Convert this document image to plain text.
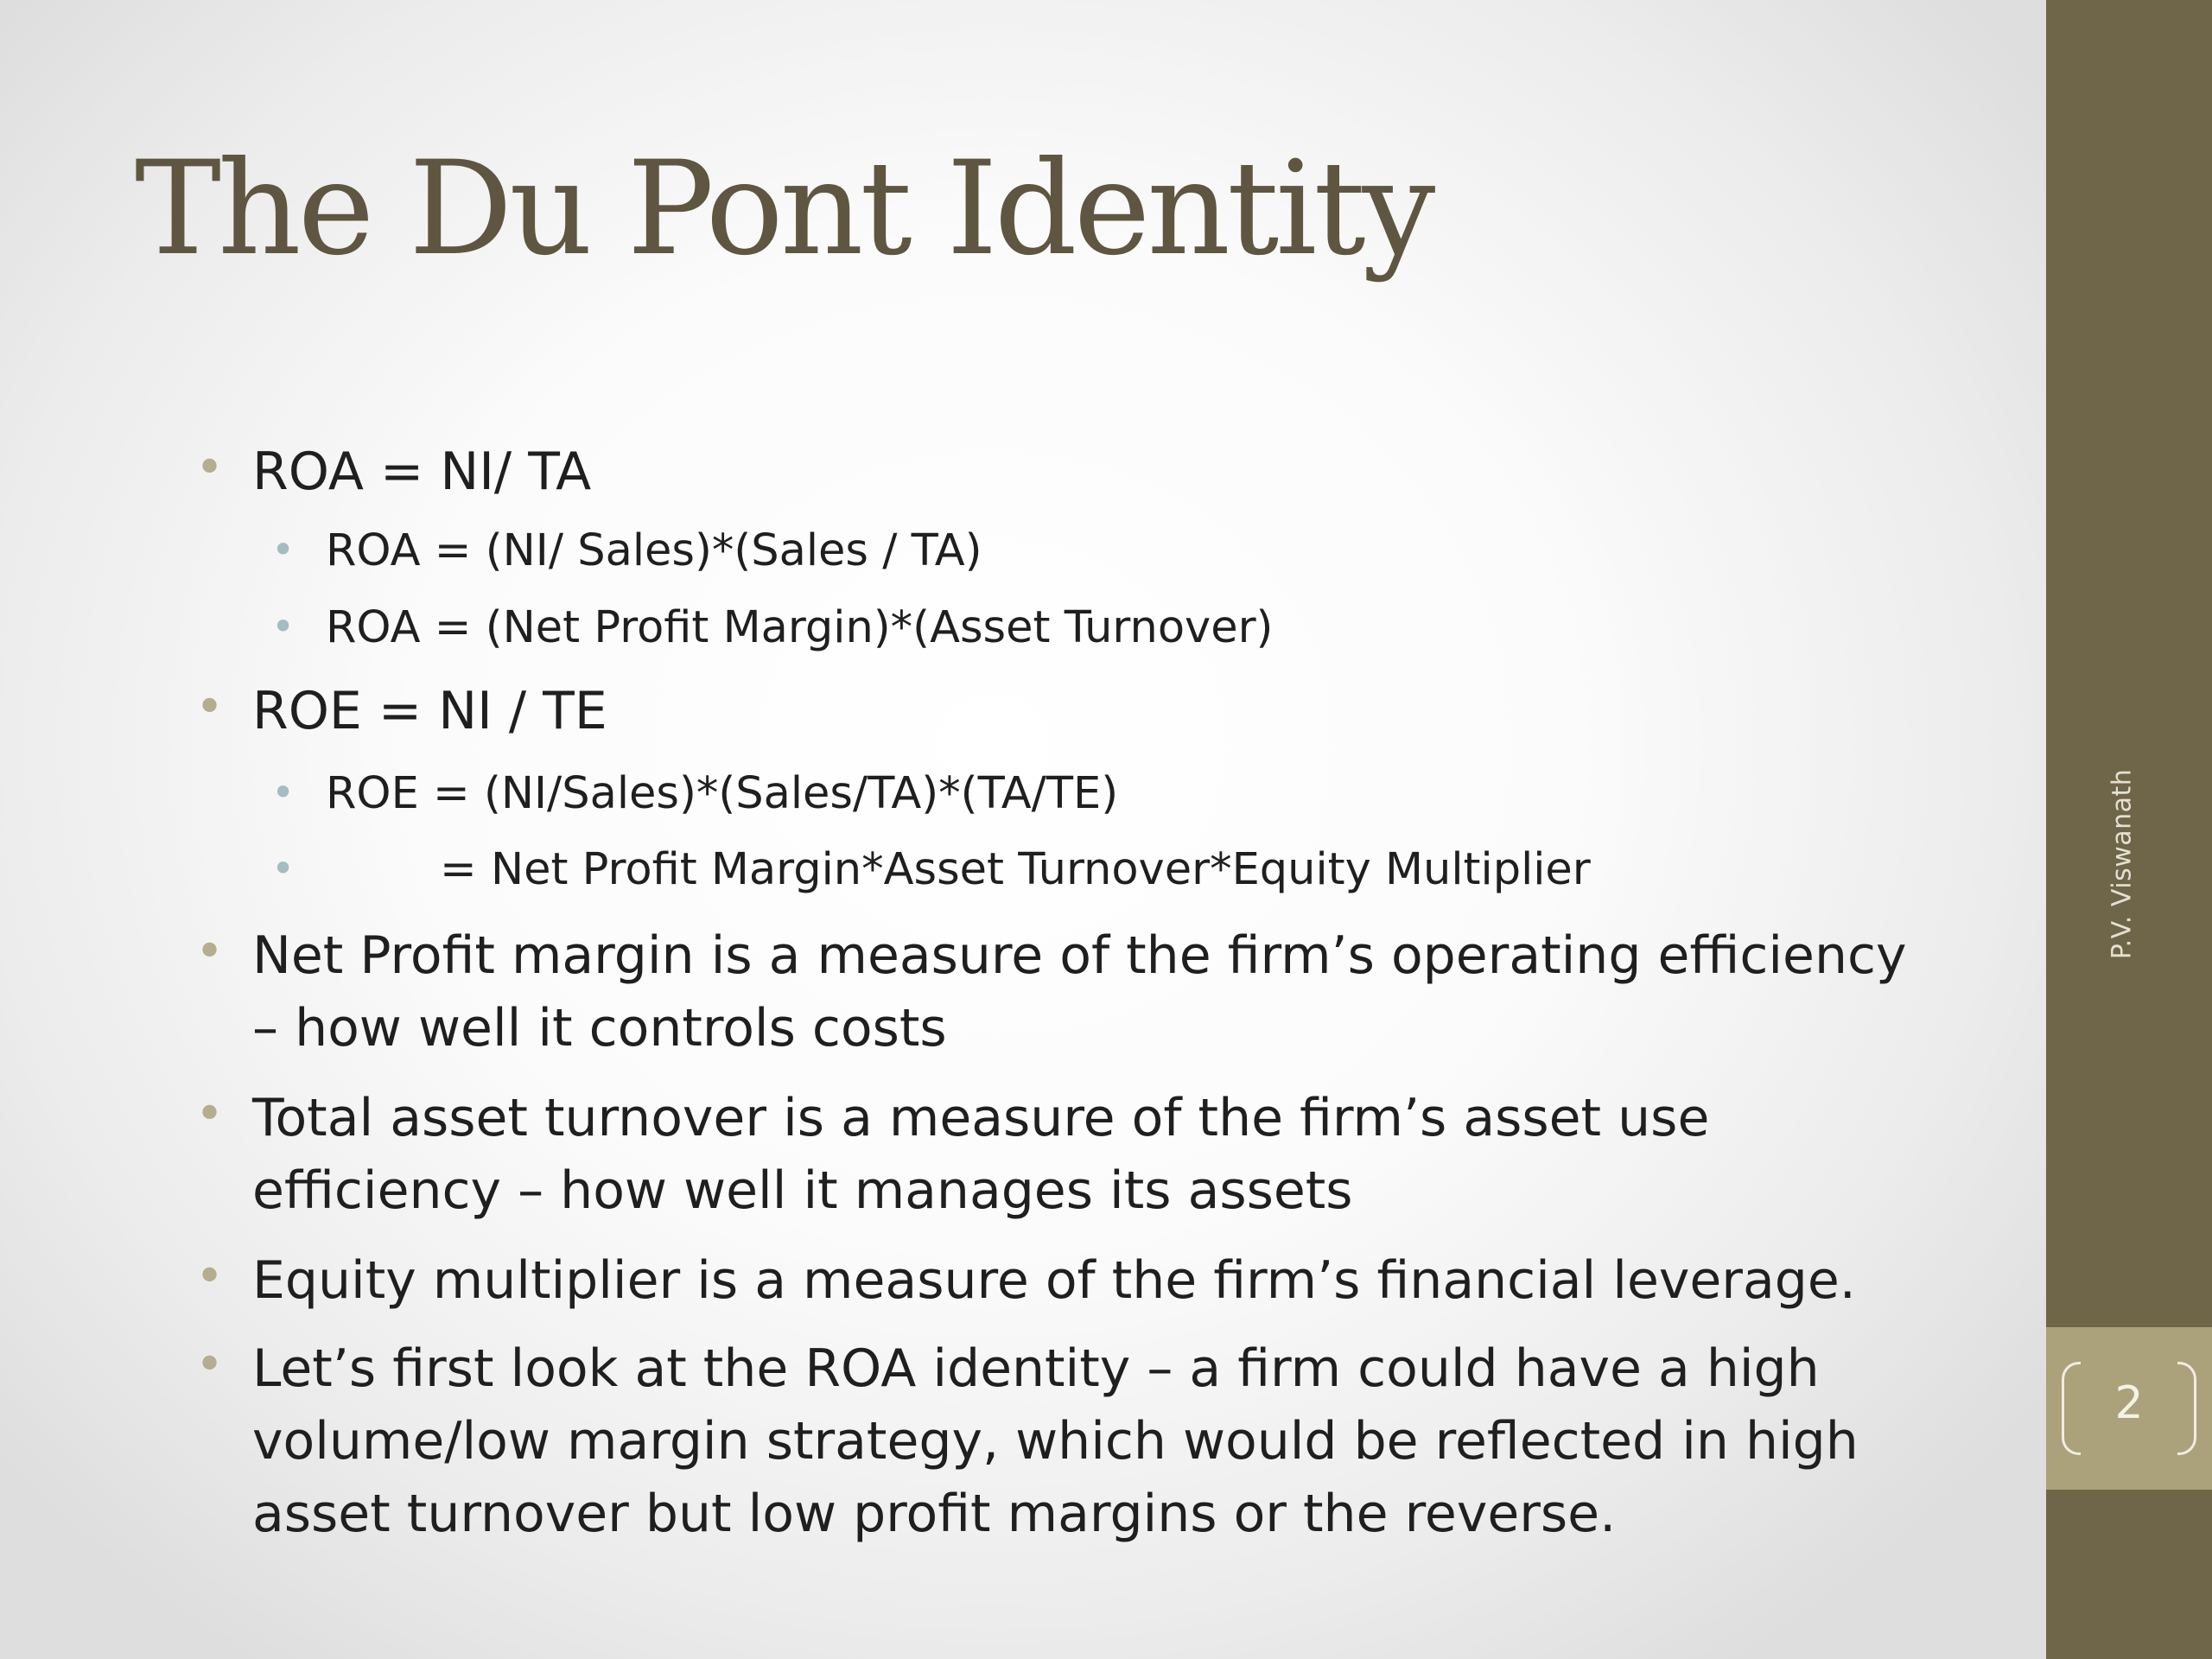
The Du Pont Identity
• ROA = NI/ TA
• ROA = (NI/ Sales)*(Sales / TA)
• ROA = (Net Profit Margin)*(Asset Turnover)
• ROE = NI / TE
• ROE = (NI/Sales)*(Sales/TA)*(TA/TE)
•	= Net Profit Margin*Asset Turnover*Equity Multiplier
• Net Profit margin is a measure of the firm’s operating efficiency
– how well it controls costs
• Total asset turnover is a measure of the firm’s asset use
efficiency – how well it manages its assets
• Equity multiplier is a measure of the firm’s financial leverage.
• Let’s first look at the ROA identity – a firm could have a high
volume/low margin strategy, which would be reflected in high
asset turnover but low profit margins or the reverse.
P.V. Viswanath
2
